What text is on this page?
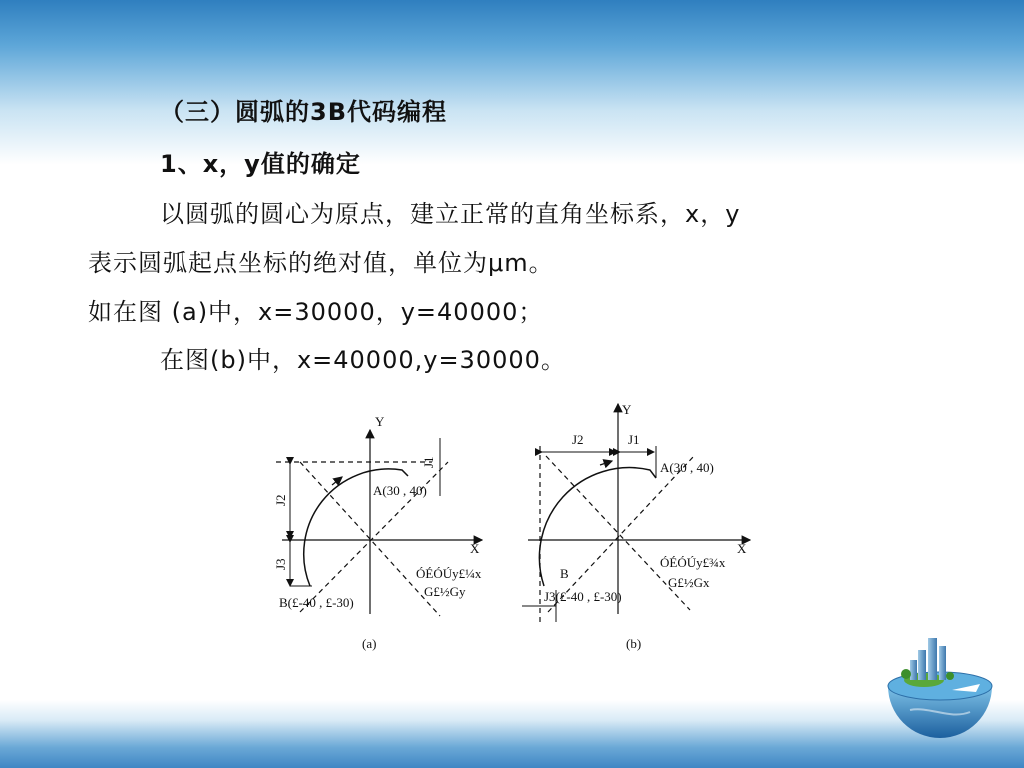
（三）圆弧的3B代码编程
1、x，y值的确定
以圆弧的圆心为原点，建立正常的直角坐标系，x，y
表示圆弧起点坐标的绝对值，单位为μm。
如在图 (a)中，x=30000，y=40000；
在图(b)中，x=40000,y=30000。
Y
X
A(30 , 40)
B(£-40 , £-30)
J1
J2
J3
ÓÉÓÚy£¼x
G£½Gy
(a)
Y
X
J2	J1
A(30 , 40)
B
J3(£-40 , £-30)
ÓÉÓÚy£¾x
G£½Gx
(b)
